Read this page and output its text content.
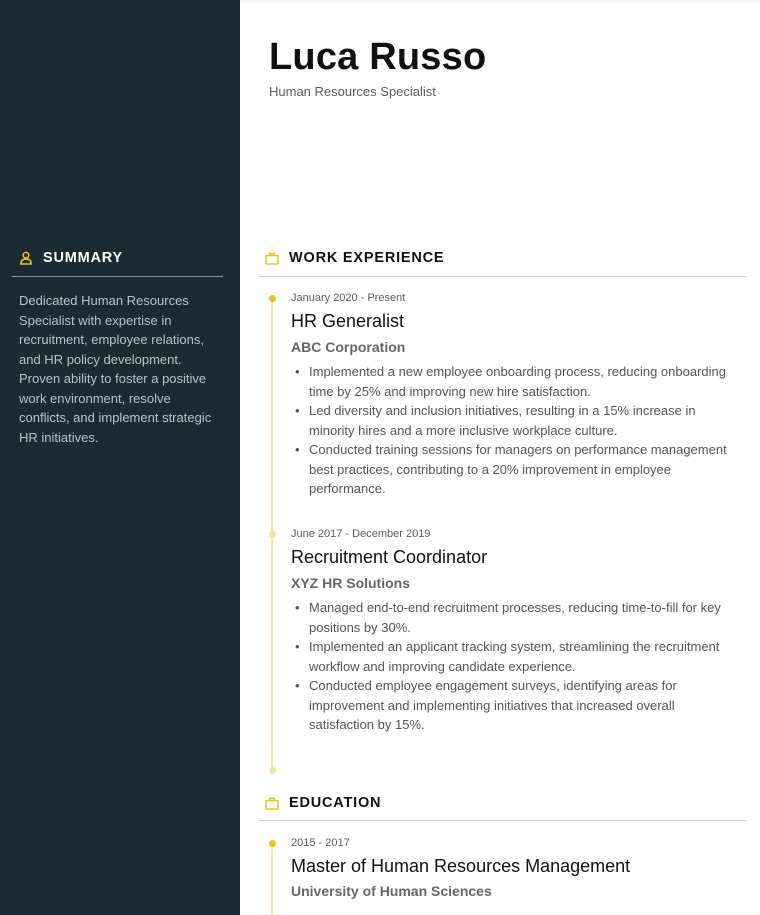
SUMMARY

Dedicated Human Resources Specialist with expertise in recruitment, employee relations, and HR policy development. Proven ability to foster a positive work environment, resolve conflicts, and implement strategic HR initiatives.

Luca Russo
Human Resources Specialist
WORK EXPERIENCE
January 2020 - Present
HR Generalist
ABC Corporation
• Implemented a new employee onboarding process, reducing onboarding time by 25% and improving new hire satisfaction.
• Led diversity and inclusion initiatives, resulting in a 15% increase in minority hires and a more inclusive workplace culture.
• Conducted training sessions for managers on performance management best practices, contributing to a 20% improvement in employee performance.
June 2017 - December 2019
Recruitment Coordinator
XYZ HR Solutions
• Managed end-to-end recruitment processes, reducing time-to-fill for key positions by 30%.
• Implemented an applicant tracking system, streamlining the recruitment workflow and improving candidate experience.
• Conducted employee engagement surveys, identifying areas for improvement and implementing initiatives that increased overall satisfaction by 15%.
EDUCATION
2015 - 2017
Master of Human Resources Management
University of Human Sciences
